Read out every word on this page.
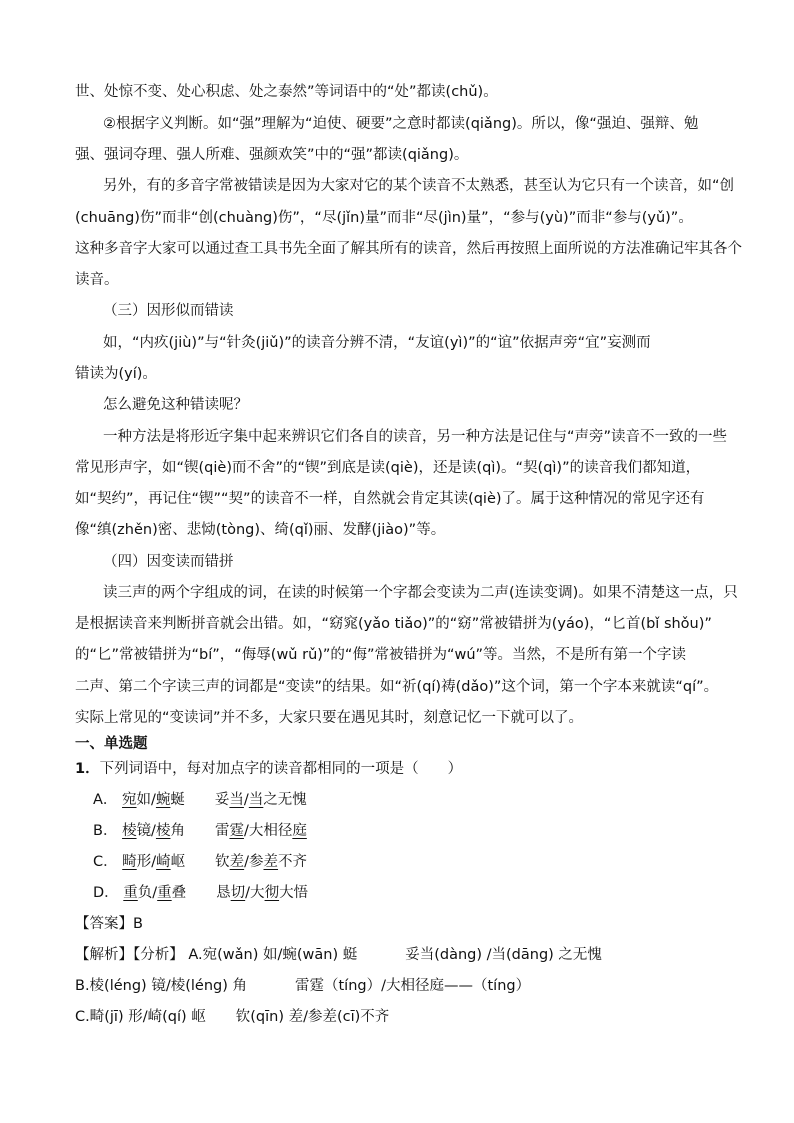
世、处惊不变、处心积虑、处之泰然”等词语中的“处”都读(chǔ)。
②根据字义判断。如“强”理解为“迫使、硬要”之意时都读(qiǎng)。所以，像“强迫、强辩、勉
强、强词夺理、强人所难、强颜欢笑”中的“强”都读(qiǎng)。
另外，有的多音字常被错读是因为大家对它的某个读音不太熟悉，甚至认为它只有一个读音，如“创
(chuāng)伤”而非“创(chuàng)伤”，“尽(jǐn)量”而非“尽(jìn)量”，“参与(yù)”而非“参与(yǔ)”。
这种多音字大家可以通过查工具书先全面了解其所有的读音，然后再按照上面所说的方法准确记牢其各个
读音。
（三）因形似而错读
如，“内疚(jiù)”与“针灸(jiǔ)”的读音分辨不清，“友谊(yì)”的“谊”依据声旁“宜”妄测而
错读为(yí)。
怎么避免这种错读呢？
一种方法是将形近字集中起来辨识它们各自的读音，另一种方法是记住与“声旁”读音不一致的一些
常见形声字，如“锲(qiè)而不舍”的“锲”到底是读(qiè)，还是读(qì)。“契(qì)”的读音我们都知道，
如“契约”，再记住“锲”“契”的读音不一样，自然就会肯定其读(qiè)了。属于这种情况的常见字还有
像“缜(zhěn)密、悲恸(tòng)、绮(qǐ)丽、发酵(jiào)”等。
（四）因变读而错拼
读三声的两个字组成的词，在读的时候第一个字都会变读为二声(连读变调)。如果不清楚这一点，只
是根据读音来判断拼音就会出错。如，“窈窕(yǎo tiǎo)”的“窈”常被错拼为(yáo)，“匕首(bǐ shǒu)”
的“匕”常被错拼为“bí”，“侮辱(wǔ rǔ)”的“侮”常被错拼为“wú”等。当然，不是所有第一个字读
二声、第二个字读三声的词都是“变读”的结果。如“祈(qí)祷(dǎo)”这个词，第一个字本来就读“qí”。
实际上常见的“变读词”并不多，大家只要在遇见其时，刻意记忆一下就可以了。
一、单选题
1．下列词语中，每对加点字的读音都相同的一项是（　　）
A． 宛如/蜿蜒 妥当/当之无愧
B． 棱镜/棱角 雷霆/大相径庭
C． 畸形/崎岖 钦差/参差不齐
D． 重负/重叠 恳切/大彻大悟
【答案】B
【解析】【分析】 A.宛(wǎn) 如/蜿(wān) 蜓	妥当(dàng) /当(dāng) 之无愧
B.棱(léng) 镜/棱(léng) 角	雷霆（tíng）/大相径庭——（tíng）
C.畸(jī) 形/崎(qí) 岖 钦(qīn) 差/参差(cī)不齐
